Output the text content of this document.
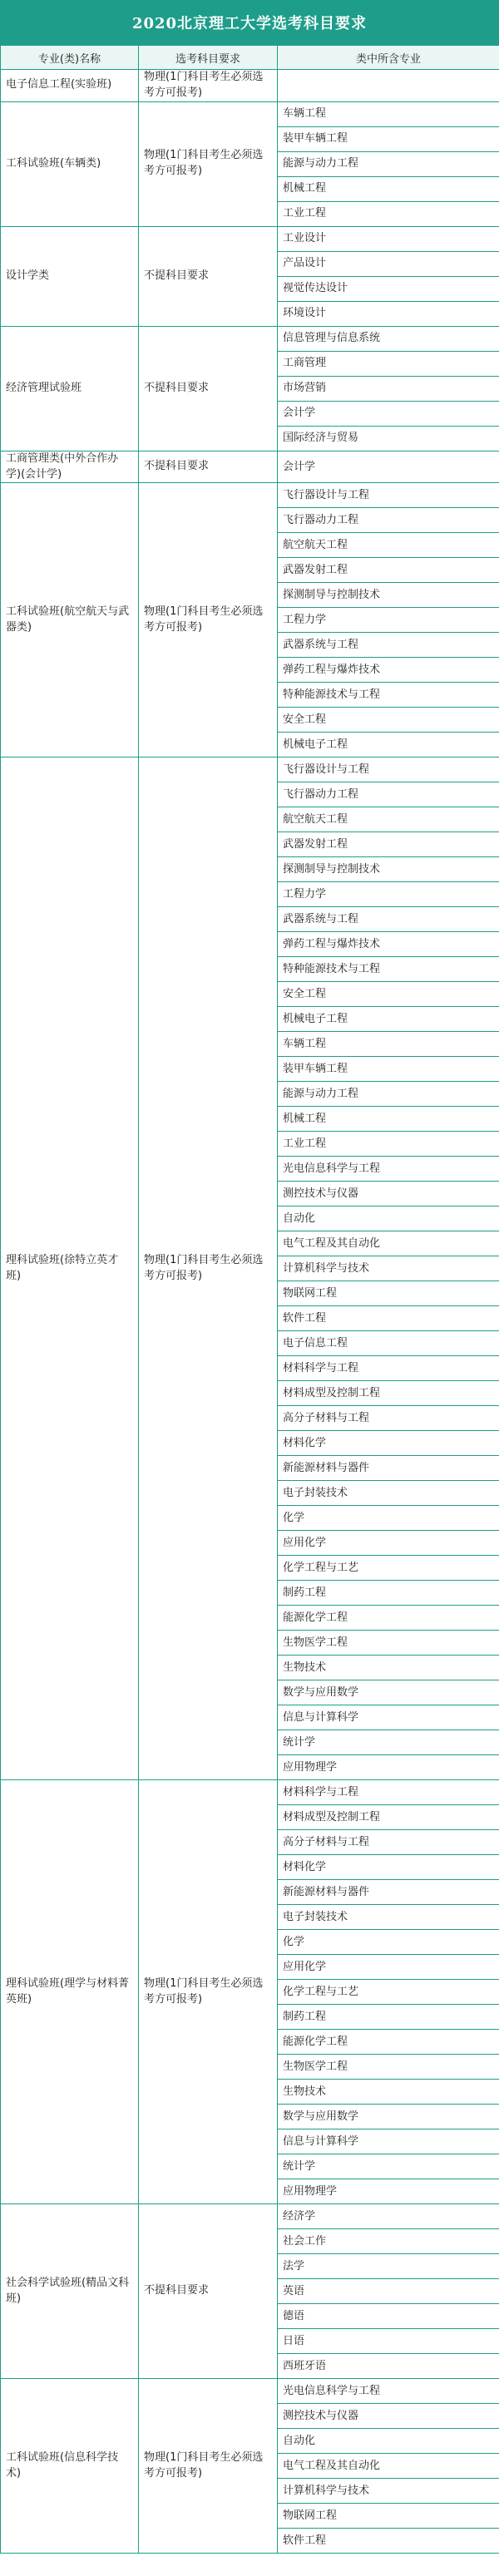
2020北京理工大学选考科目要求
专业(类)名称	选考科目要求	类中所含专业
电子信息工程(实验班)	物理(1门科目考生必须选考方可报考)	
工科试验班(车辆类)	物理(1门科目考生必须选考方可报考)	车辆工程
		装甲车辆工程
		能源与动力工程
		机械工程
		工业工程
设计学类	不提科目要求	工业设计
		产品设计
		视觉传达设计
		环境设计
经济管理试验班	不提科目要求	信息管理与信息系统
		工商管理
		市场营销
		会计学
		国际经济与贸易
工商管理类(中外合作办学)(会计学)	不提科目要求	会计学
工科试验班(航空航天与武器类)	物理(1门科目考生必须选考方可报考)	飞行器设计与工程
		飞行器动力工程
		航空航天工程
		武器发射工程
		探测制导与控制技术
		工程力学
		武器系统与工程
		弹药工程与爆炸技术
		特种能源技术与工程
		安全工程
		机械电子工程
理科试验班(徐特立英才班)	物理(1门科目考生必须选考方可报考)	飞行器设计与工程
		飞行器动力工程
		航空航天工程
		武器发射工程
		探测制导与控制技术
		工程力学
		武器系统与工程
		弹药工程与爆炸技术
		特种能源技术与工程
		安全工程
		机械电子工程
		车辆工程
		装甲车辆工程
		能源与动力工程
		机械工程
		工业工程
		光电信息科学与工程
		测控技术与仪器
		自动化
		电气工程及其自动化
		计算机科学与技术
		物联网工程
		软件工程
		电子信息工程
		材料科学与工程
		材料成型及控制工程
		高分子材料与工程
		材料化学
		新能源材料与器件
		电子封装技术
		化学
		应用化学
		化学工程与工艺
		制药工程
		能源化学工程
		生物医学工程
		生物技术
		数学与应用数学
		信息与计算科学
		统计学
		应用物理学
理科试验班(理学与材料菁英班)	物理(1门科目考生必须选考方可报考)	材料科学与工程
		材料成型及控制工程
		高分子材料与工程
		材料化学
		新能源材料与器件
		电子封装技术
		化学
		应用化学
		化学工程与工艺
		制药工程
		能源化学工程
		生物医学工程
		生物技术
		数学与应用数学
		信息与计算科学
		统计学
		应用物理学
社会科学试验班(精品文科班)	不提科目要求	经济学
		社会工作
		法学
		英语
		德语
		日语
		西班牙语
工科试验班(信息科学技术)	物理(1门科目考生必须选考方可报考)	光电信息科学与工程
		测控技术与仪器
		自动化
		电气工程及其自动化
		计算机科学与技术
		物联网工程
		软件工程
